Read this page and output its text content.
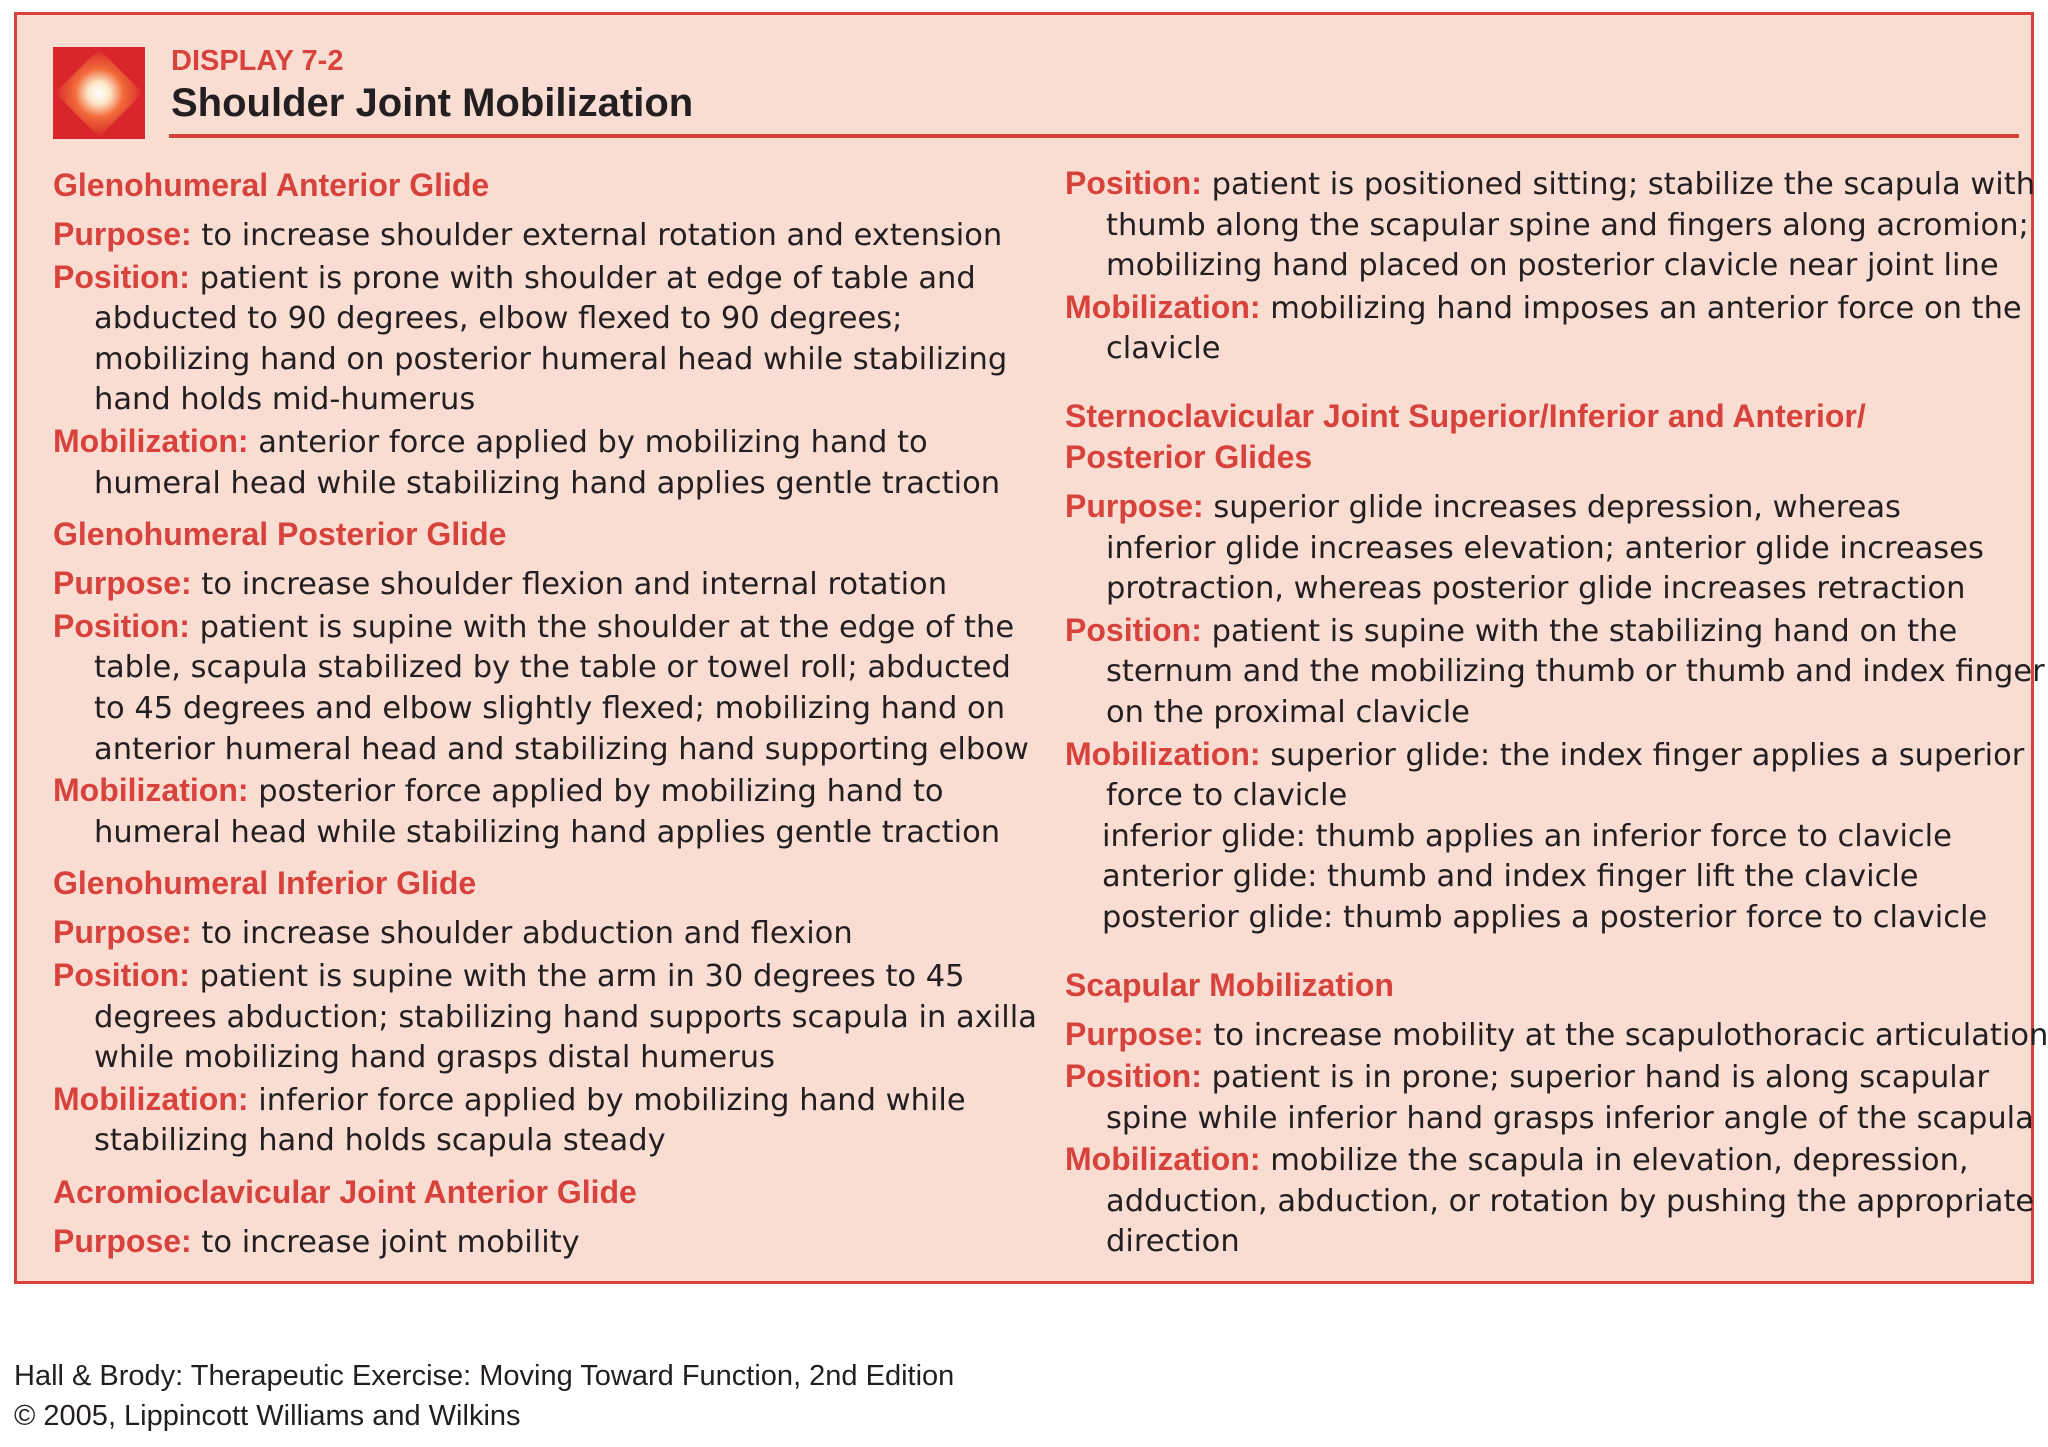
DISPLAY 7-2
Shoulder Joint Mobilization

Glenohumeral Anterior Glide

Purpose: to increase shoulder external rotation and extension

Position: patient is prone with shoulder at edge of table and
abducted to 90 degrees, elbow flexed to 90 degrees;
mobilizing hand on posterior humeral head while stabilizing
hand holds mid-humerus

Mobilization: anterior force applied by mobilizing hand to
humeral head while stabilizing hand applies gentle traction

Glenohumeral Posterior Glide

Purpose: to increase shoulder flexion and internal rotation

Position: patient is supine with the shoulder at the edge of the
table, scapula stabilized by the table or towel roll; abducted
to 45 degrees and elbow slightly flexed; mobilizing hand on
anterior humeral head and stabilizing hand supporting elbow

Mobilization: posterior force applied by mobilizing hand to
humeral head while stabilizing hand applies gentle traction

Glenohumeral Inferior Glide

Purpose: to increase shoulder abduction and flexion

Position: patient is supine with the arm in 30 degrees to 45
degrees abduction; stabilizing hand supports scapula in axilla
while mobilizing hand grasps distal humerus

Mobilization: inferior force applied by mobilizing hand while
stabilizing hand holds scapula steady

Acromioclavicular Joint Anterior Glide

Purpose: to increase joint mobility

Position: patient is positioned sitting; stabilize the scapula with
thumb along the scapular spine and fingers along acromion;
mobilizing hand placed on posterior clavicle near joint line

Mobilization: mobilizing hand imposes an anterior force on the
clavicle

Sternoclavicular Joint Superior/Inferior and Anterior/
Posterior Glides

Purpose: superior glide increases depression, whereas
inferior glide increases elevation; anterior glide increases
protraction, whereas posterior glide increases retraction

Position: patient is supine with the stabilizing hand on the
sternum and the mobilizing thumb or thumb and index finger
on the proximal clavicle

Mobilization: superior glide: the index finger applies a superior
force to clavicle

inferior glide: thumb applies an inferior force to clavicle

anterior glide: thumb and index finger lift the clavicle

posterior glide: thumb applies a posterior force to clavicle

Scapular Mobilization

Purpose: to increase mobility at the scapulothoracic articulation

Position: patient is in prone; superior hand is along scapular
spine while inferior hand grasps inferior angle of the scapula

Mobilization: mobilize the scapula in elevation, depression,
adduction, abduction, or rotation by pushing the appropriate
direction

Hall & Brody: Therapeutic Exercise: Moving Toward Function, 2nd Edition
© 2005, Lippincott Williams and Wilkins
